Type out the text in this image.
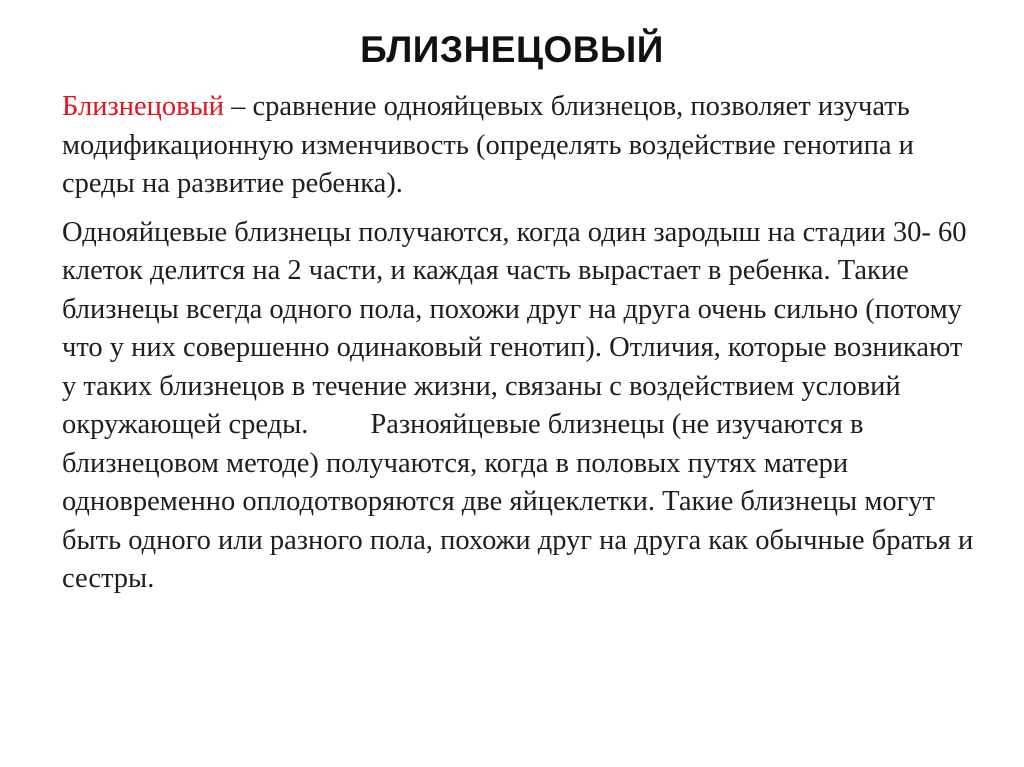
БЛИЗНЕЦОВЫЙ

Близнецовый – сравнение однояйцевых близнецов, позволяет изучать модификационную изменчивость (определять воздействие генотипа и среды на развитие ребенка).

Однояйцевые близнецы получаются, когда один зародыш на стадии 30- 60 клеток делится на 2 части, и каждая часть вырастает в ребенка. Такие близнецы всегда одного пола, похожи друг на друга очень сильно (потому что у них совершенно одинаковый генотип). Отличия, которые возникают у таких близнецов в течение жизни, связаны с воздействием условий окружающей среды. Разнояйцевые близнецы (не изучаются в близнецовом методе) получаются, когда в половых путях матери одновременно оплодотворяются две яйцеклетки. Такие близнецы могут быть одного или разного пола, похожи друг на друга как обычные братья и сестры.
